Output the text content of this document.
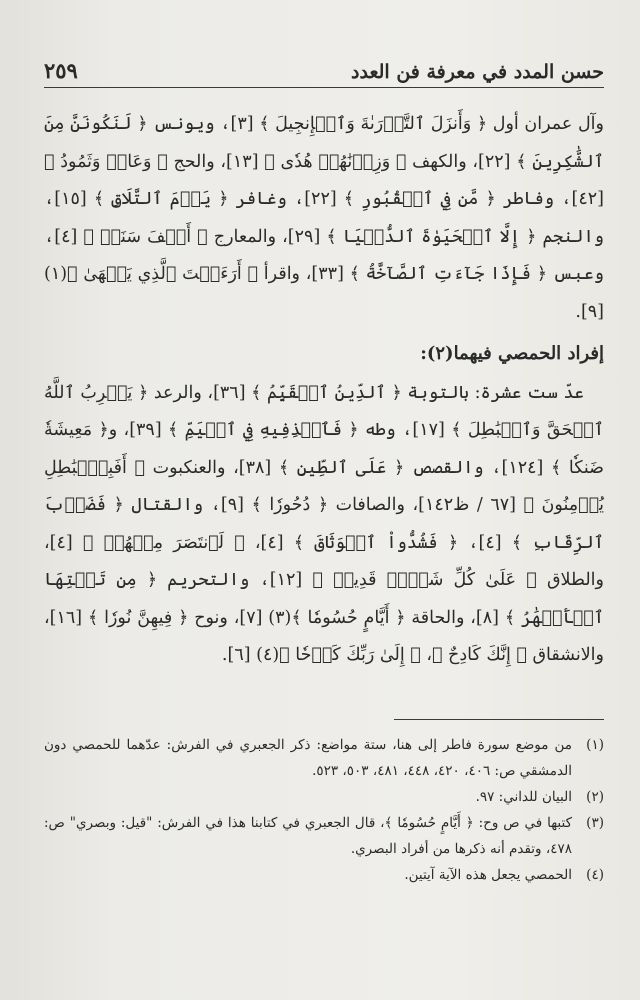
حسن المدد في معرفة فن العدد
٢٥٩

وآل عمران أول ﴿ وَأَنزَلَ ٱلتَّوۡرَىٰةَ وَٱلۡإِنجِيلَ ﴾ [٣]، ويونس ﴿ لَنَكُونَنَّ مِنَ ٱلشَّٰكِرِينَ ﴾ [٢٢]، والكهف ﴿ وَزِدۡنَٰهُمۡ هُدٗى ﴾ [١٣]، والحج ﴿ وَعَادٞ وَثَمُودُ ﴾ [٤٢]، وفاطر ﴿ مَّن فِي ٱلۡقُبُورِ ﴾ [٢٢]، وغافر ﴿ يَوۡمَ ٱلتَّلَاقِ ﴾ [١٥]، والنجم ﴿ إِلَّا ٱلۡحَيَوٰةَ ٱلدُّنۡيَا ﴾ [٢٩]، والمعارج ﴿ أَلۡفَ سَنَةٖ ﴾ [٤]، وعبس ﴿ فَإِذَا جَآءَتِ ٱلصَّآخَّةُ ﴾ [٣٣]، واقرأ ﴿ أَرَءَيۡتَ ٱلَّذِي يَنۡهَىٰ ﴾(١) [٩].

إفراد الحمصي فيهما(٢):

عدّ ست عشرة: بالتوبة ﴿ ٱلدِّينُ ٱلۡقَيِّمُ ﴾ [٣٦]، والرعد ﴿ يَضۡرِبُ ٱللَّهُ ٱلۡحَقَّ وَٱلۡبَٰطِلَ ﴾ [١٧]، وطه ﴿ فَٱقۡذِفِيهِ فِي ٱلۡيَمِّ ﴾ [٣٩]، و﴿ مَعِيشَةٗ ضَنكٗا ﴾ [١٢٤]، والقصص ﴿ عَلَى ٱلطِّينِ ﴾ [٣٨]، والعنكبوت ﴿ أَفَبِٱلۡبَٰطِلِ يُؤۡمِنُونَ ﴾ [٦٧ / ظ١٤٢]، والصافات ﴿ دُحُورٗا ﴾ [٩]، والقتال ﴿ فَضَرۡبَ ٱلرِّقَابِ ﴾ [٤]، ﴿ فَشُدُّواْ ٱلۡوَثَاقَ ﴾ [٤]، ﴿ لَٱنتَصَرَ مِنۡهُمۡ ﴾ [٤]، والطلاق ﴿ عَلَىٰ كُلِّ شَيۡءٖ قَدِيرٞ ﴾ [١٢]، والتحريم ﴿ مِن تَحۡتِهَا ٱلۡأَنۡهَٰرُ ﴾ [٨]، والحاقة ﴿ أَيَّامٍ حُسُومٗا ﴾(٣) [٧]، ونوح ﴿ فِيهِنَّ نُورٗا ﴾ [١٦]، والانشقاق ﴿ إِنَّكَ كَادِحٌ ﴾، ﴿ إِلَىٰ رَبِّكَ كَدۡحٗا ﴾(٤) [٦].

(١)
من موضع سورة فاطر إلى هنا، ستة مواضع: ذكر الجعبري في الفرش: عدّهما للحمصي دون الدمشقي ص: ٤٠٦، ٤٢٠، ٤٤٨، ٤٨١، ٥٠٣، ٥٢٣.
(٢)
البيان للداني: ٩٧.
(٣)
كتبها في ص وح: ﴿ أَيَّامٍ حُسُومٗا ﴾، قال الجعبري في كتابنا هذا في الفرش: "قيل: وبصري" ص: ٤٧٨، وتقدم أنه ذكرها من أفراد البصري.
(٤)
الحمصي يجعل هذه الآية آيتين.
